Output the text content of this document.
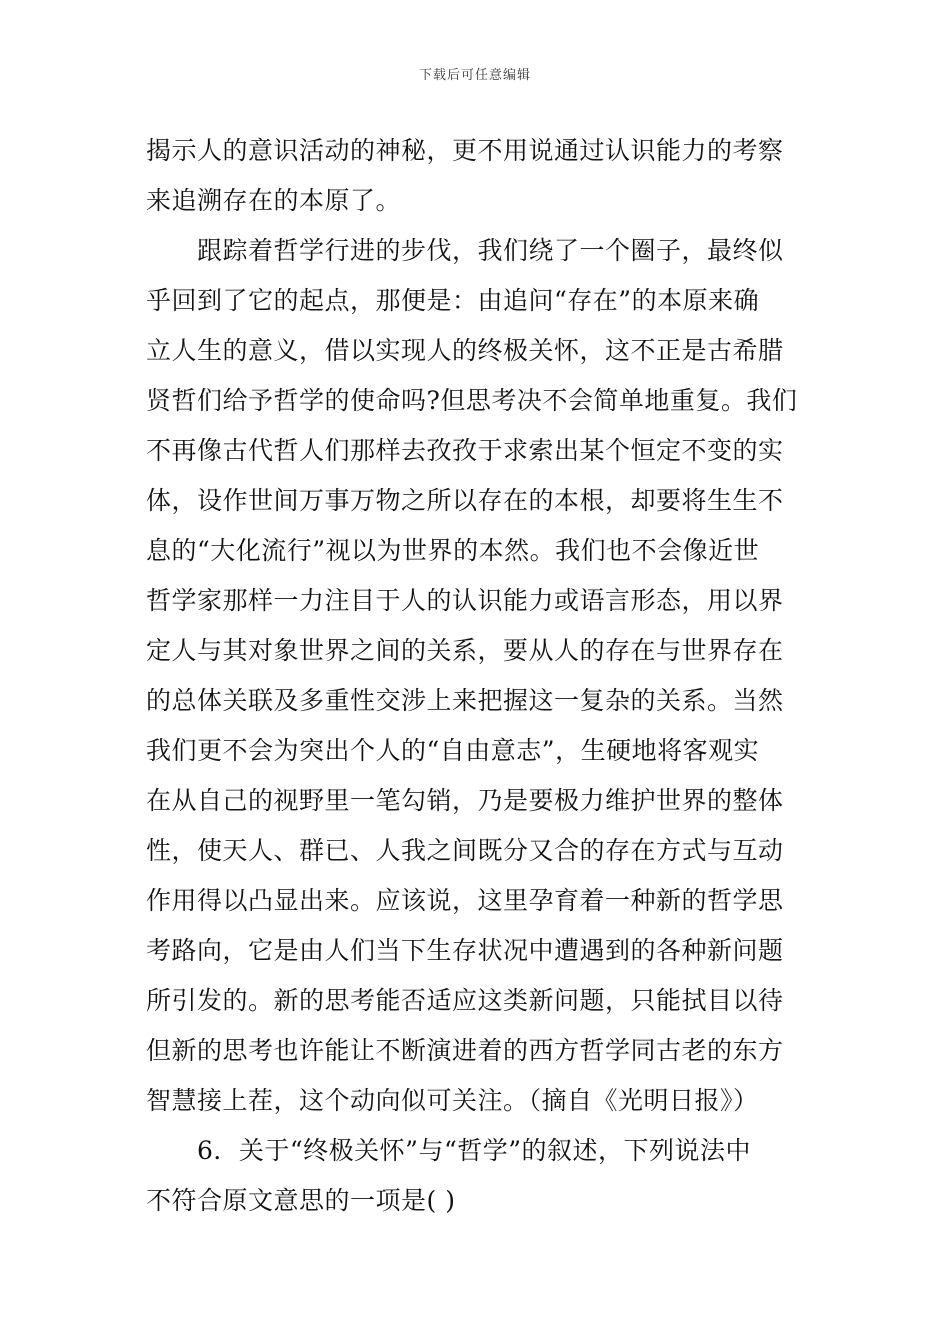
下载后可任意编辑
揭示人的意识活动的神秘，更不用说通过认识能力的考察
来追溯存在的本原了。
　　跟踪着哲学行进的步伐，我们绕了一个圈子，最终似
乎回到了它的起点，那便是：由追问“存在”的本原来确
立人生的意义，借以实现人的终极关怀，这不正是古希腊
贤哲们给予哲学的使命吗?但思考决不会简单地重复。我们
不再像古代哲人们那样去孜孜于求索出某个恒定不变的实
体，设作世间万事万物之所以存在的本根，却要将生生不
息的“大化流行”视以为世界的本然。我们也不会像近世
哲学家那样一力注目于人的认识能力或语言形态，用以界
定人与其对象世界之间的关系，要从人的存在与世界存在
的总体关联及多重性交涉上来把握这一复杂的关系。当然
我们更不会为突出个人的“自由意志”，生硬地将客观实
在从自己的视野里一笔勾销，乃是要极力维护世界的整体
性，使天人、群已、人我之间既分又合的存在方式与互动
作用得以凸显出来。应该说，这里孕育着一种新的哲学思
考路向，它是由人们当下生存状况中遭遇到的各种新问题
所引发的。新的思考能否适应这类新问题，只能拭目以待
但新的思考也许能让不断演进着的西方哲学同古老的东方
智慧接上茬，这个动向似可关注。（摘自《光明日报》）
　　6．关于“终极关怀”与“哲学”的叙述，下列说法中
不符合原文意思的一项是( )
